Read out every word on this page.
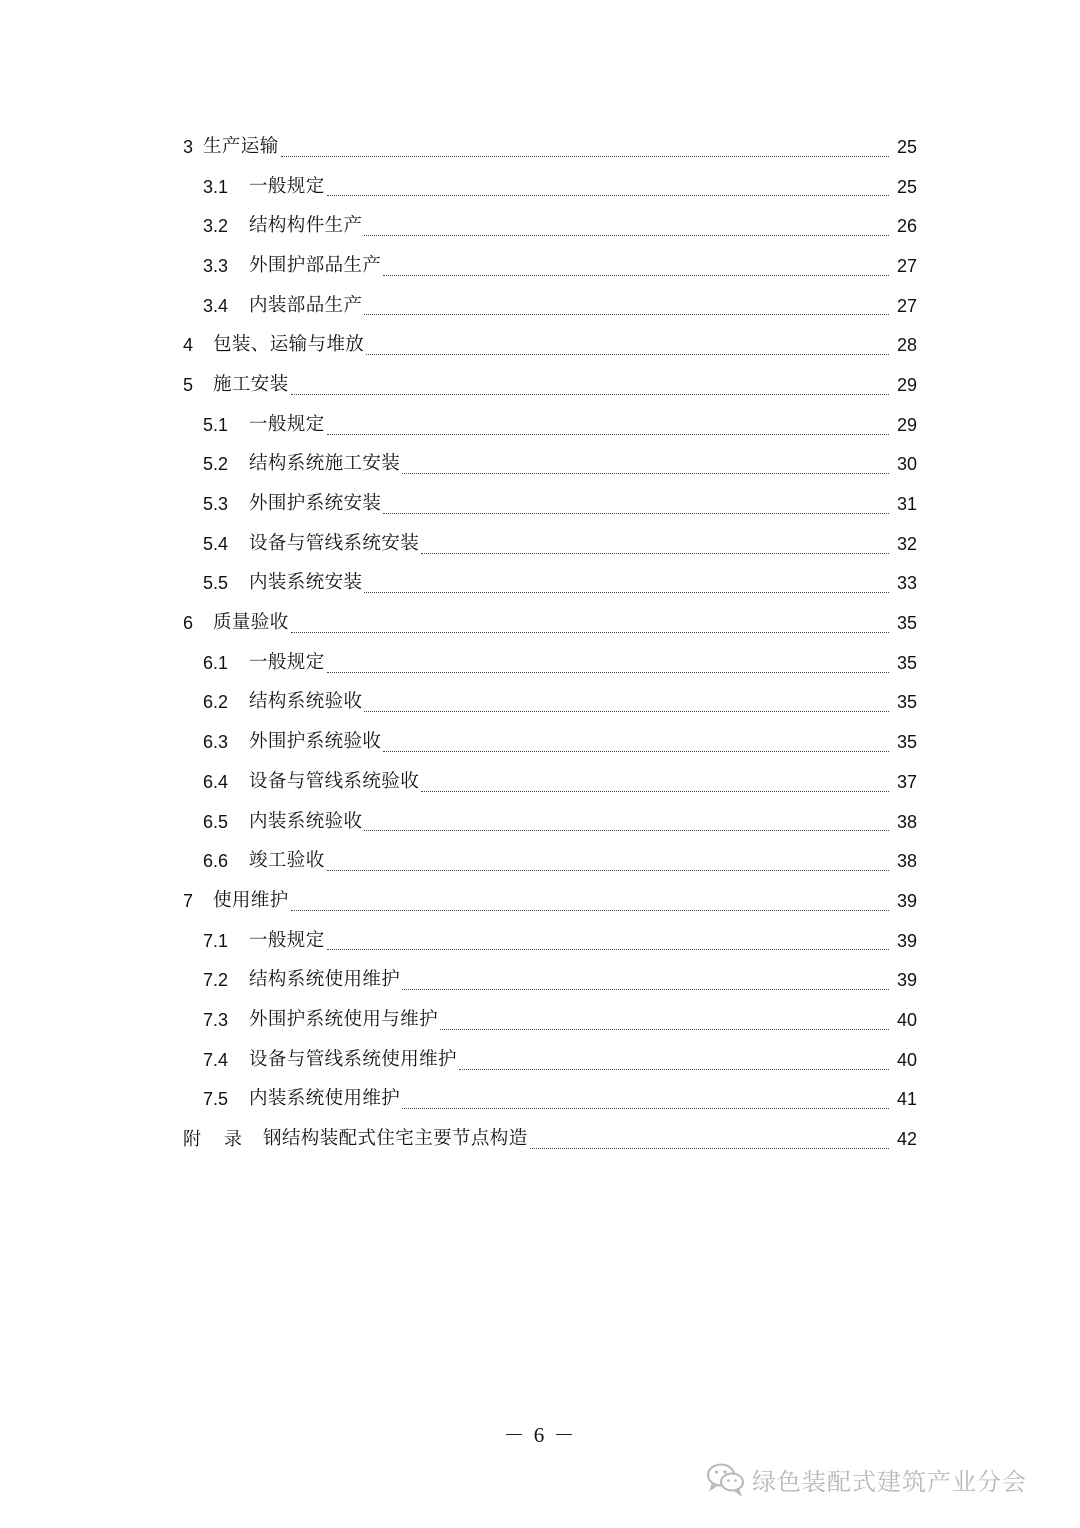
3 生产运输	25
3.1	一般规定	25
3.2	结构构件生产	26
3.3	外围护部品生产	27
3.4	内装部品生产	27
4	包装、运输与堆放	28
5	施工安装	29
5.1	一般规定	29
5.2	结构系统施工安装	30
5.3	外围护系统安装	31
5.4	设备与管线系统安装	32
5.5	内装系统安装	33
6	质量验收	35
6.1	一般规定	35
6.2	结构系统验收	35
6.3	外围护系统验收	35
6.4	设备与管线系统验收	37
6.5	内装系统验收	38
6.6	竣工验收	38
7	使用维护	39
7.1	一般规定	39
7.2	结构系统使用维护	39
7.3	外围护系统使用与维护	40
7.4	设备与管线系统使用维护	40
7.5	内装系统使用维护	41
附 录	钢结构装配式住宅主要节点构造	42
－ 6 －
绿色装配式建筑产业分会
